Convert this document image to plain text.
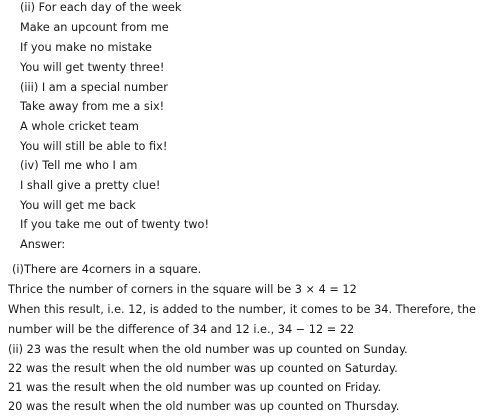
(ii) For each day of the week
Make an upcount from me
If you make no mistake
You will get twenty three!
(iii) I am a special number
Take away from me a six!
A whole cricket team
You will still be able to fix!
(iv) Tell me who I am
I shall give a pretty clue!
You will get me back
If you take me out of twenty two!
Answer:
(i)There are 4corners in a square.
Thrice the number of corners in the square will be 3 × 4 = 12
When this result, i.e. 12, is added to the number, it comes to be 34. Therefore, the
number will be the difference of 34 and 12 i.e., 34 − 12 = 22
(ii) 23 was the result when the old number was up counted on Sunday.
22 was the result when the old number was up counted on Saturday.
21 was the result when the old number was up counted on Friday.
20 was the result when the old number was up counted on Thursday.
